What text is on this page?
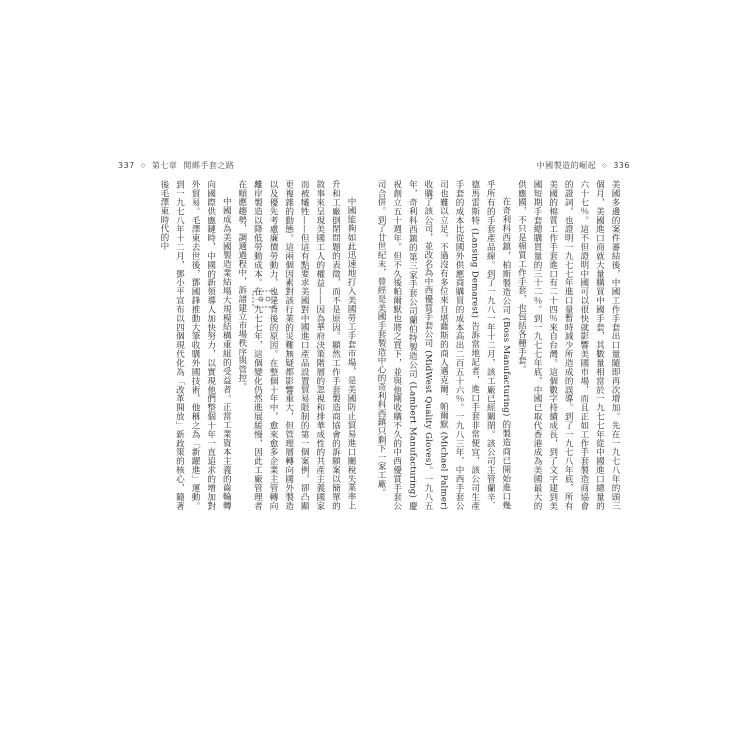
337 ◇ 第七章 開綁手套之路	中國製造的崛起 ◇ 336

美國多邊的案件審結後，中國工作手套出口量隨即再次增加。先在一九七八年的頭三個月，美國進口商就大量購買中國手套，其數量相當於一九七七年從中國進口總量的六十七％。這不但證明中國可以很快就影響美國市場，而且正如工作手套製造商協會的證詞，也證明一九七七年進口量暫時減少所造成的誤導。到了一九七八年底，所有美國的棉質工作手套進口有二十四％來自台灣。這個數字持續成長，到了文字建到美國短期手套總購買量的三十二％。到一九七七年底，中國已取代香港成為美國最大的供應國，不只是棉質工作手套，也包括各種手套。

在奇利科西鎮，柏斯製造公司 (Boss Manufacturing) 的製造商已開始進口幾乎所有的手套產品線。到了一九八一年十二月，該工廠已經關閉。該公司主管蘭辛．德馬雷斯特 (Lansing Demarest) 告訴當地記者，進口手套非常便宜，該公司生產手套的成本比從國外供應商購買的成本高出二百五十六％。一九八三年，中西手套公司也難以立足。不過沒有多位來自堪薩斯的商人邁克爾．帕爾默 (Michael Palmer) 收購了該公司，並改名為中西優質手套公司 (MidWest Quality Gloves)。一九八五年，奇利科西鎮的第三家手套公司蘭伯特製造公司 (Lambert Manufacturing) 慶祝創立五十週年。但不久後帕爾默也將之買下，並與他剛收購不久的中西優質手套公司合併。到了廿世紀末，曾經是美國手套製造中心的奇利科西鎮只剩下一家工廠。

中國能夠如此迅速地打入美國勞工手套市場，是美國防止貿易進口關稅失業率上升和工廠倒閉問題的表徵，而不是原因。顯然工作手套製造商協會的訴願案以簡單的敘事來呈現美國工人的權益——因為華府決策階層的忽視和排華成性的共產主義國家而被犧牲——但這有點要求美國對中國進口產品設置貿易限制的第一個案例，卻凸顯更複雜的動態。這兩個因素對該行業的災難無疑都影響重大，但管理層轉向國外製造以及優先考慮廉價勞動力，也是背後的原因。在整個十年中，愈來愈多企業主管轉向離岸製造以降低勞動成本。在一九七七年，這個變化仍然進展緩慢，因此工廠管理者在順應趨勢，調適過程中，訴諸建立市場秩序與管控。

中國成為美國製造業結場大規模結構重組的受益者。正當工業資本主義的齒輪轉向國際供應鏈時，中國的新領導人加快努力，以實現他們整個十年一直追求的增加對外貿易。毛澤東去世後，鄧國鋒推動大筆收購外國技術，他稱之為「新躍進」運動。到一九七八年十二月，鄧小平宣布以四個現代化為「改革開放」新政策的核心，隨著後毛澤東時代的中
